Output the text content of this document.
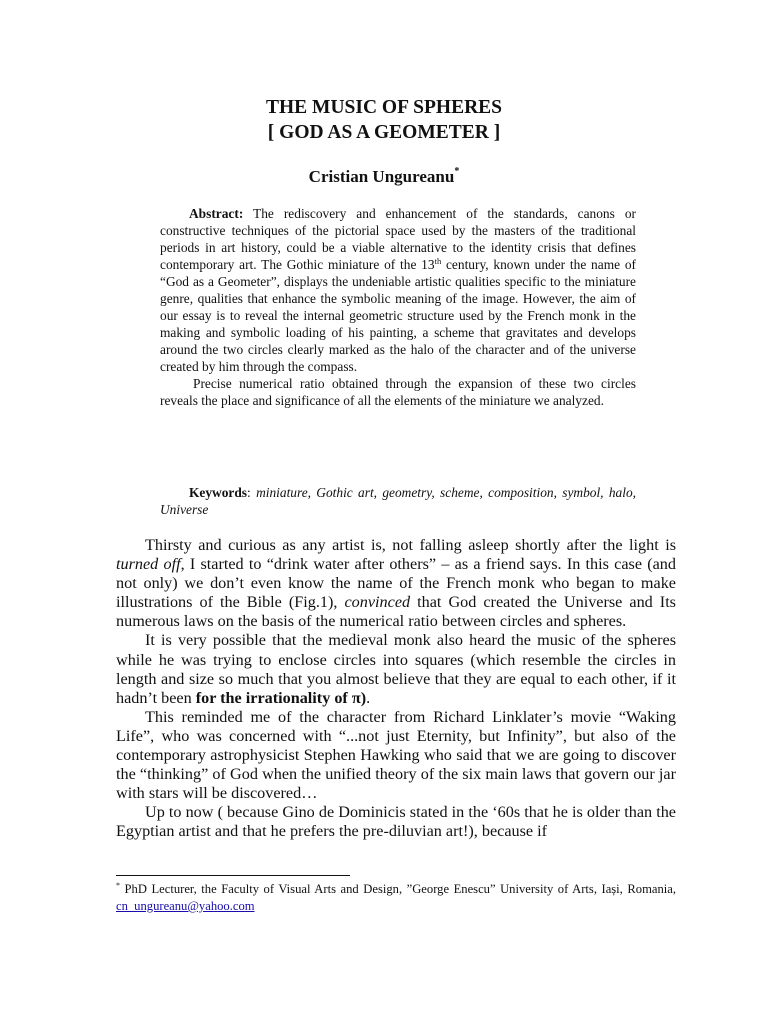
THE MUSIC OF SPHERES
[ GOD AS A GEOMETER ]
Cristian Ungureanu*

Abstract: The rediscovery and enhancement of the standards, canons or constructive techniques of the pictorial space used by the masters of the traditional periods in art history, could be a viable alternative to the identity crisis that defines contemporary art. The Gothic miniature of the 13th century, known under the name of “God as a Geometer”, displays the undeniable artistic qualities specific to the miniature genre, qualities that enhance the symbolic meaning of the image. However, the aim of our essay is to reveal the internal geometric structure used by the French monk in the making and symbolic loading of his painting, a scheme that gravitates and develops around the two circles clearly marked as the halo of the character and of the universe created by him through the compass.

Precise numerical ratio obtained through the expansion of these two circles reveals the place and significance of all the elements of the miniature we analyzed.

Keywords: miniature, Gothic art, geometry, scheme, composition, symbol, halo, Universe

Thirsty and curious as any artist is, not falling asleep shortly after the light is turned off, I started to “drink water after others” – as a friend says. In this case (and not only) we don’t even know the name of the French monk who began to make illustrations of the Bible (Fig.1), convinced that God created the Universe and Its numerous laws on the basis of the numerical ratio between circles and spheres.

It is very possible that the medieval monk also heard the music of the spheres while he was trying to enclose circles into squares (which resemble the circles in length and size so much that you almost believe that they are equal to each other, if it hadn’t been for the irrationality of π).

This reminded me of the character from Richard Linklater’s movie “Waking Life”, who was concerned with “...not just Eternity, but Infinity”, but also of the contemporary astrophysicist Stephen Hawking who said that we are going to discover the “thinking” of God when the unified theory of the six main laws that govern our jar with stars will be discovered…

Up to now ( because Gino de Dominicis stated in the ‘60s that he is older than the Egyptian artist and that he prefers the pre-diluvian art!), because if

* PhD Lecturer, the Faculty of Visual Arts and Design, ”George Enescu” University of Arts, Iași, Romania, cn_ungureanu@yahoo.com
